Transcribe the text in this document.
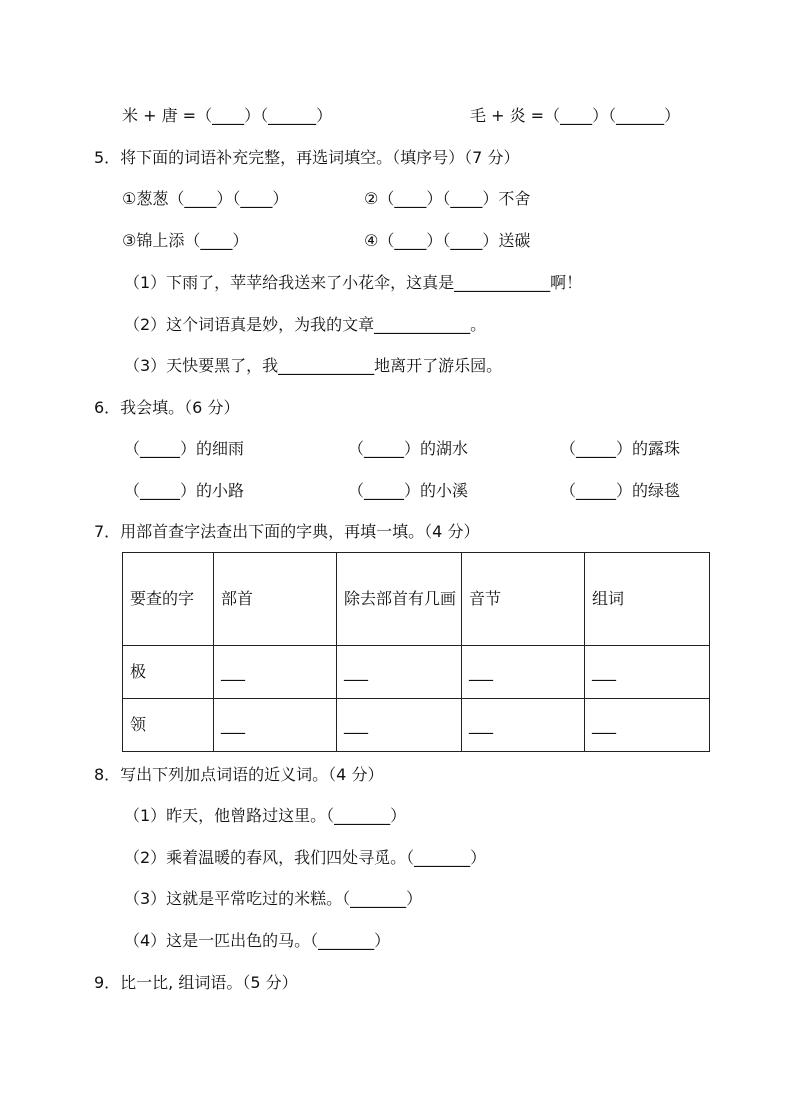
米 + 唐 =（____）（______）	毛 + 炎 =（____）（______）
5．将下面的词语补充完整，再选词填空。（填序号）（7 分）
①葱葱（____）（____）	②（____）（____）不舍
③锦上添（____）	④（____）（____）送碳
（1）下雨了，苹苹给我送来了小花伞，这真是____________啊！
（2）这个词语真是妙，为我的文章____________。
（3）天快要黑了，我____________地离开了游乐园。
6．我会填。（6 分）
（_____）的细雨	（_____）的湖水	（_____）的露珠
（_____）的小路	（_____）的小溪	（_____）的绿毯
7．用部首查字法查出下面的字典，再填一填。（4 分）
要查的字	部首	除去部首有几画	音节	组词
极	___	___	___	___
领	___	___	___	___
8．写出下列加点词语的近义词。（4 分）
（1）昨天，他曾路过这里。（_______）
（2）乘着温暖的春风，我们四处寻觅。（_______）
（3）这就是平常吃过的米糕。（_______）
（4）这是一匹出色的马。（_______）
9．比一比, 组词语。（5 分）
